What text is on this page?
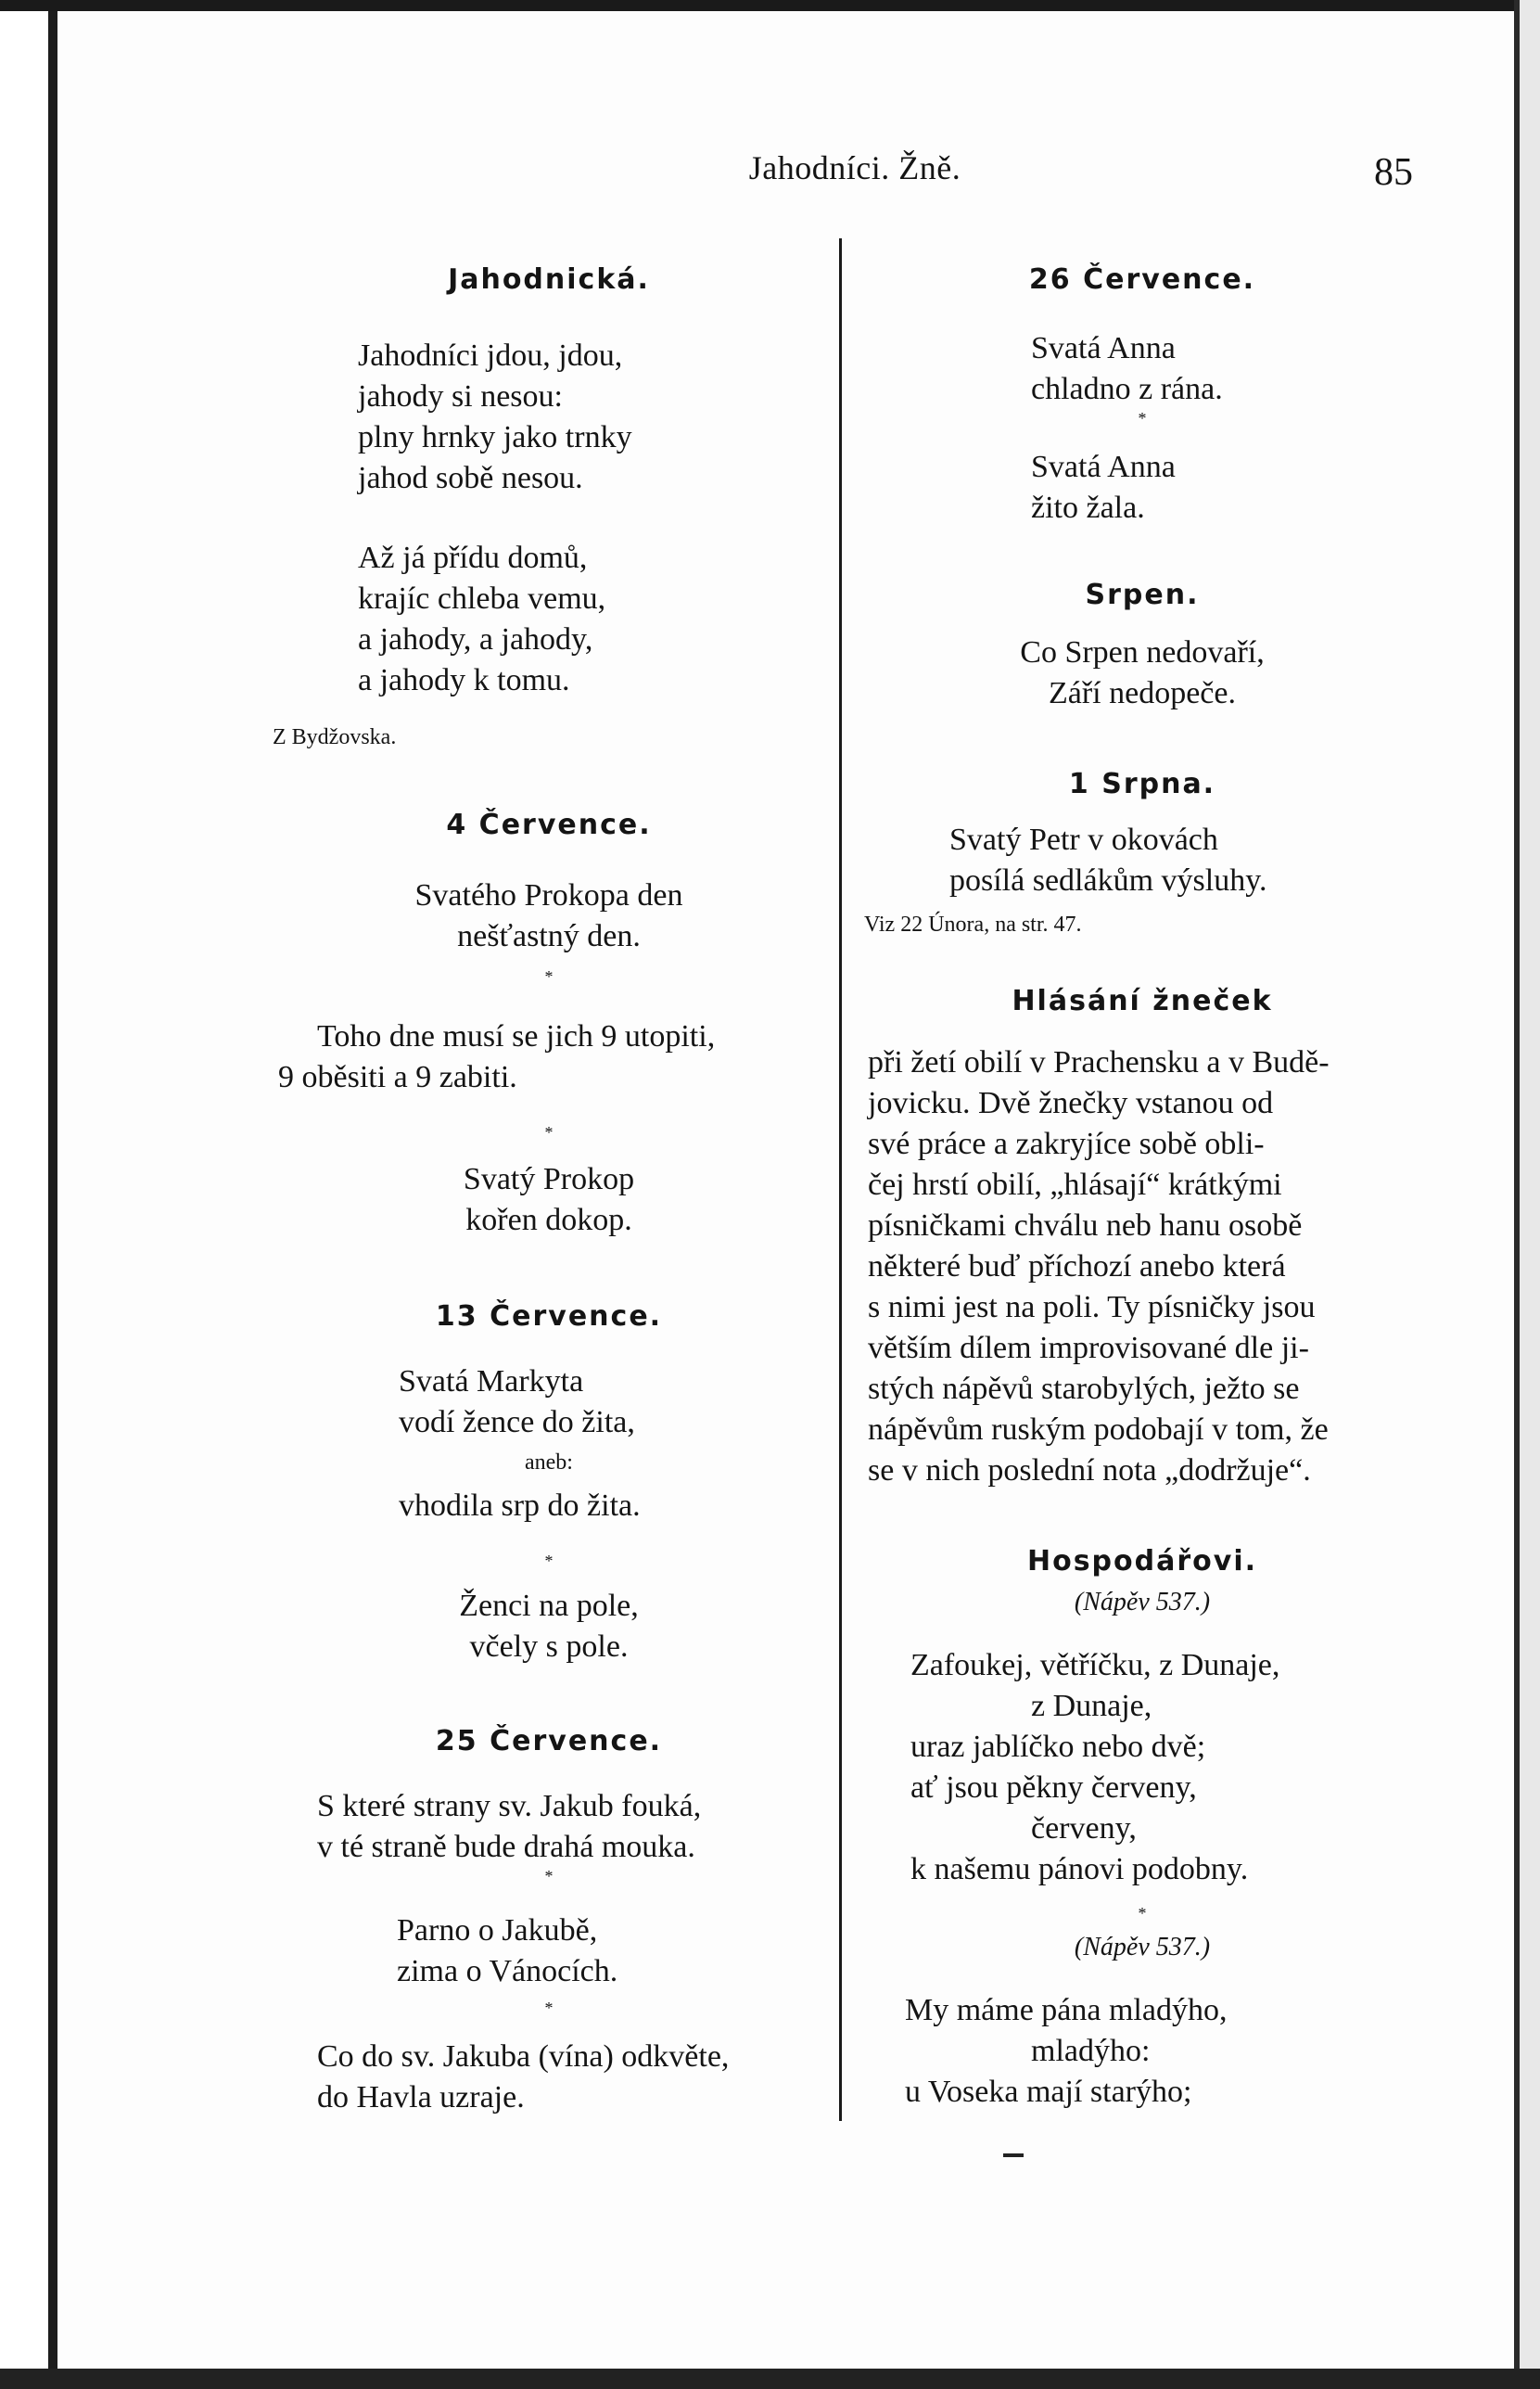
Jahodníci. Žně.	85
Jahodnická.
Jahodníci jdou, jdou,
jahody si nesou:
plny hrnky jako trnky
jahod sobě nesou.
Až já přídu domů,
krajíc chleba vemu,
a jahody, a jahody,
a jahody k tomu.
Z Bydžovska.
4 Července.
Svatého Prokopa den
nešťastný den.
*
Toho dne musí se jich 9 utopiti,
9 oběsiti a 9 zabiti.
*
Svatý Prokop
kořen dokop.
13 Července.
Svatá Markyta
vodí žence do žita,
aneb:
vhodila srp do žita.
*
Ženci na pole,
včely s pole.
25 Července.
S které strany sv. Jakub fouká,
v té straně bude drahá mouka.
*
Parno o Jakubě,
zima o Vánocích.
*
Co do sv. Jakuba (vína) odkvěte,
do Havla uzraje.
26 Července.
Svatá Anna
chladno z rána.
*
Svatá Anna
žito žala.
Srpen.
Co Srpen nedovaří,
Září nedopeče.
1 Srpna.
Svatý Petr v okovách
posílá sedlákům výsluhy.
Viz 22 Února, na str. 47.
Hlásání žneček
při žetí obilí v Prachensku a v Budě-
jovicku. Dvě žnečky vstanou od
své práce a zakryjíce sobě obli-
čej hrstí obilí, „hlásají“ krátkými
písničkami chválu neb hanu osobě
některé buď příchozí anebo která
s nimi jest na poli. Ty písničky jsou
větším dílem improvisované dle ji-
stých nápěvů starobylých, ježto se
nápěvům ruským podobají v tom, že
se v nich poslední nota „dodržuje“.
Hospodářovi.
(Nápěv 537.)
Zafoukej, větříčku, z Dunaje,
z Dunaje,
uraz jablíčko nebo dvě;
ať jsou pěkny červeny,
červeny,
k našemu pánovi podobny.
*
(Nápěv 537.)
My máme pána mladýho,
mladýho:
u Voseka mají starýho;
